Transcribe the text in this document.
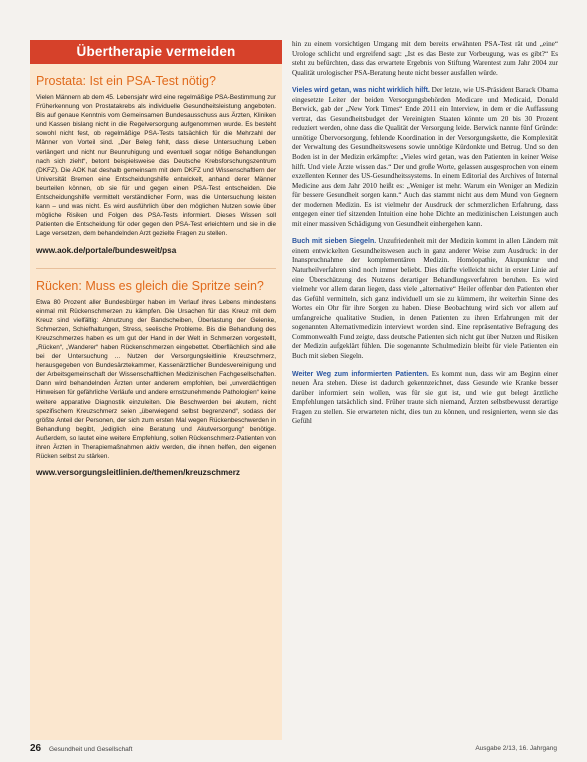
Übertherapie vermeiden
Prostata: Ist ein PSA-Test nötig?

Vielen Männern ab dem 45. Lebensjahr wird eine regelmäßige PSA-Bestimmung zur Früherkennung von Prostatakrebs als individuelle Gesundheitsleistung angeboten. Bis auf genaue Kenntnis vom Gemeinsamen Bundesausschuss aus Ärzten, Kliniken und Kassen bislang nicht in die Regelversorgung aufgenommen wurde. Es besteht sowohl nicht fest, ob regelmäßige PSA-Tests tatsächlich für die Mehrzahl der Männer von Vorteil sind. „Der Beleg fehlt, dass diese Untersuchung Leben verlängert und nicht nur Beunruhigung und eventuell sogar nötige Behandlungen nach sich zieht“, betont beispielsweise das Deutsche Krebsforschungszentrum (DKFZ). Die AOK hat deshalb gemeinsam mit dem DKFZ und Wissenschaftlern der Universität Bremen eine Entscheidungshilfe entwickelt, anhand derer Männer beurteilen können, ob sie für und gegen einen PSA-Test entscheiden. Die Entscheidungshilfe vermittelt verständlicher Form, was die Untersuchung leisten kann – und was nicht. Es wird ausführlich über den möglichen Nutzen sowie über mögliche Risiken und Folgen des PSA-Tests informiert. Dieses Wissen soll Patienten die Entscheidung für oder gegen den PSA-Test erleichtern und sie in die Lage versetzen, dem behandelnden Arzt gezielte Fragen zu stellen.

www.aok.de/portale/bundesweit/psa

Rücken: Muss es gleich die Spritze sein?

Etwa 80 Prozent aller Bundesbürger haben im Verlauf ihres Lebens mindestens einmal mit Rückenschmerzen zu kämpfen. Die Ursachen für das Kreuz mit dem Kreuz sind vielfältig: Abnutzung der Bandscheiben, Überlastung der Gelenke, Schmerzen, Schiefhaltungen, Stress, seelische Probleme. Bis die Behandlung des Kreuzschmerzes haben es um gut der Hand in der Welt in Schmerzen vorgestellt, „Rücken“, „Wanderer“ haben Rückenschmerzen eingebettet. Oberflächlich sind alle bei der Untersuchung ... Nutzen der Versorgungsleitlinie Kreuzschmerz, herausgegeben von Bundesärztekammer, Kassenärztlicher Bundesvereinigung und der Arbeitsgemeinschaft der Wissenschaftlichen Medizinischen Fachgesellschaften. Dann wird behandelnden Ärzten unter anderem empfohlen, bei „unverdächtigen Hinweisen für gefährliche Verläufe und andere ernstzunehmende Pathologien“ keine weitere apparative Diagnostik einzuleiten. Die Beschwerden bei akutem, nicht spezifischem Kreuzschmerz seien „überwiegend selbst begrenzend“, sodass der größte Anteil der Personen, der sich zum ersten Mal wegen Rückenbeschwerden in Behandlung begibt, „lediglich eine Beratung und Akutversorgung“ benötige. Außerdem, so lautet eine weitere Empfehlung, sollen Rückenschmerz-Patienten von ihren Ärzten in Therapiemaßnahmen aktiv werden, die ihnen helfen, den eigenen Rücken selbst zu stärken.

www.versorgungsleitlinien.de/themen/kreuzschmerz

hin zu einem vorsichtigen Umgang mit dem bereits erwähnten PSA-Test rät und „eine“ Urologe schlicht und ergreifend sagt: „Ist es das Beste zur Vorbeugung, was es gibt?“ Es steht zu befürchten, dass das erwartete Ergebnis von Stiftung Warentest zum Jahr 2004 zur Qualität urologischer PSA-Beratung heute nicht besser ausfallen würde.

Vieles wird getan, was nicht wirklich hilft. Der letzte, wie US-Präsident Barack Obama eingesetzte Leiter der beiden Versorgungsbehörden Medicare und Medicaid, Donald Berwick, gab der „New York Times“ Ende 2011 ein Interview, in dem er die Auffassung vertrat, das Gesundheitsbudget der Vereinigten Staaten könnte um 20 bis 30 Prozent reduziert werden, ohne dass die Qualität der Versorgung leide. Berwick nannte fünf Gründe: unnötige Übervorsorgung, fehlende Koordination in der Versorgungskette, die Komplexität der Verwaltung des Gesundheitswesens sowie unnötige Kürdonkte und Betrug. Und so den Boden ist in der Medizin erkämpfte: „Vieles wird getan, was den Patienten in keiner Weise hilft. Und viele Ärzte wissen das.“ Der und große Worte, gelassen ausgesprochen von einem exzellenten Kenner des US-Gesundheitssystems. In einem Editorial des Archives of Internal Medicine aus dem Jahr 2010 heißt es: „Weniger ist mehr. Warum ein Weniger an Medizin für bessere Gesundheit sorgen kann.“ Auch das stammt nicht aus dem Mund von Gegnern der modernen Medizin. Es ist vielmehr der Ausdruck der schmerzlichen Erfahrung, dass entgegen einer tief sitzenden Intuition eine hohe Dichte an medizinischen Leistungen auch mit einer massiven Schädigung von Gesundheit einhergehen kann.

Buch mit sieben Siegeln. Unzufriedenheit mit der Medizin kommt in allen Ländern mit einem entwickelten Gesundheitswesen auch in ganz anderer Weise zum Ausdruck: in der Inanspruchnahme der komplementären Medizin. Homöopathie, Akupunktur und Naturheilverfahren sind noch immer beliebt. Dies dürfte vielleicht nicht in erster Linie auf eine Überschätzung des Nutzens derartiger Behandlungsverfahren beruhen. Es wird vielmehr vor allem daran liegen, dass viele „alternative“ Heiler offenbar den Patienten eher das Gefühl vermitteln, sich ganz individuell um sie zu kümmern, ihr weiterhin Sinne des Wortes ein Ohr für ihre Sorgen zu haben. Diese Beobachtung wird sich vor allem auf umfangreiche qualitative Studien, in denen Patienten zu ihren Erfahrungen mit der sogenannten Alternativmedizin interviewt worden sind. Eine repräsentative Befragung des Commonwealth Fund zeigte, dass deutsche Patienten sich nicht gut über Nutzen und Risiken der Medizin aufgeklärt fühlen. Die sogenannte Schulmedizin bleibt für viele Patienten ein Buch mit sieben Siegeln.

Weiter Weg zum informierten Patienten. Es kommt nun, dass wir am Beginn einer neuen Ära stehen. Diese ist dadurch gekennzeichnet, dass Gesunde wie Kranke besser darüber informiert sein wollen, was für sie gut ist, und wie gut belegt ärztliche Empfehlungen tatsächlich sind. Früher traute sich niemand, Ärzten selbstbewusst derartige Fragen zu stellen. Sie erwarteten nicht, dies tun zu können, und resignierten, wenn sie das Gefühl

26 Gesundheit und Gesellschaft	Ausgabe 2/13, 16. Jahrgang
